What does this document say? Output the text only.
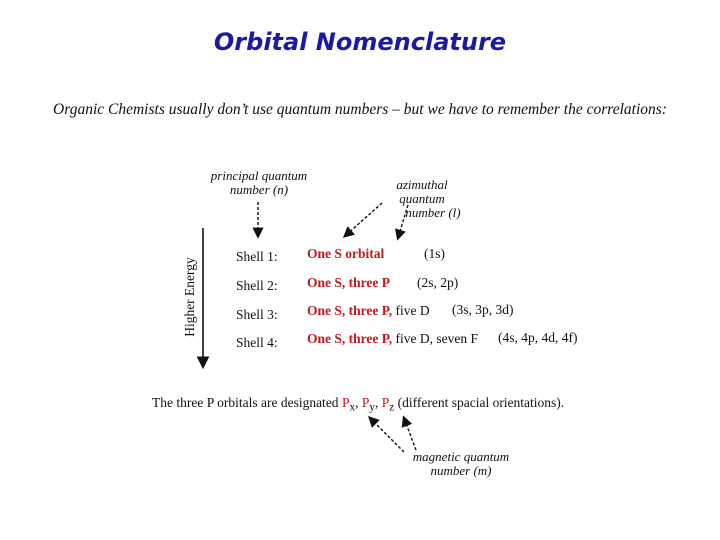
Orbital Nomenclature
Organic Chemists usually don’t use quantum numbers – but we have to remember the correlations:
principal quantum
number (n)	azimuthal quantum
number (l)
Higher Energy
Shell 1: One S orbital	(1s)
Shell 2: One S, three P (2s, 2p)
Shell 3: One S, three P, five D (3s, 3p, 3d)
Shell 4: One S, three P, five D, seven F (4s, 4p, 4d, 4f)
The three P orbitals are designated $P_x$, $P_y$, $P_z$ (different spacial orientations).
magnetic quantum
number (m)
